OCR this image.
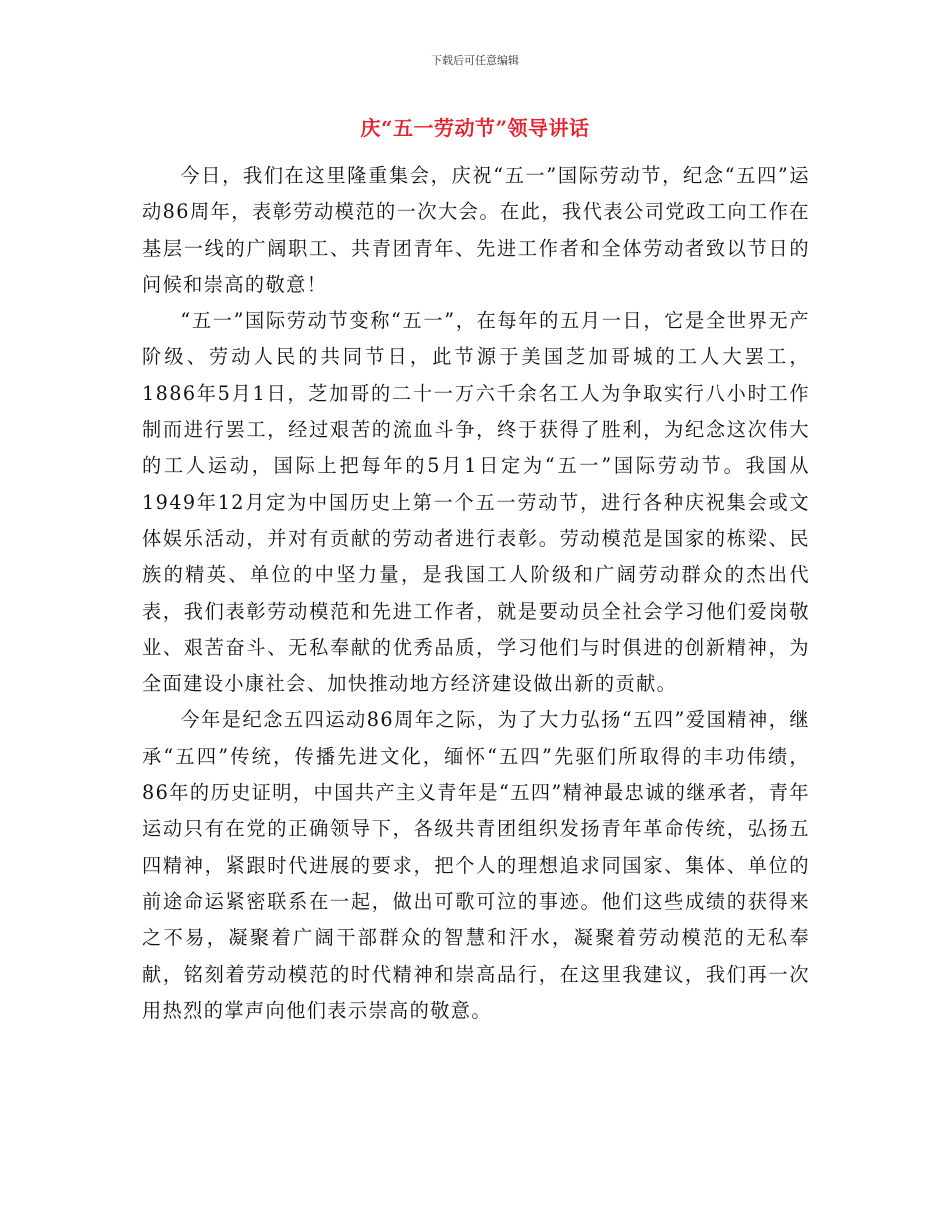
下载后可任意编辑
庆“五一劳动节”领导讲话

今日，我们在这里隆重集会，庆祝“五一”国际劳动节，纪念“五四”运动86周年，表彰劳动模范的一次大会。在此，我代表公司党政工向工作在基层一线的广阔职工、共青团青年、先进工作者和全体劳动者致以节日的问候和崇高的敬意！

“五一”国际劳动节变称“五一”，在每年的五月一日，它是全世界无产阶级、劳动人民的共同节日，此节源于美国芝加哥城的工人大罢工，1886年5月1日，芝加哥的二十一万六千余名工人为争取实行八小时工作制而进行罢工，经过艰苦的流血斗争，终于获得了胜利，为纪念这次伟大的工人运动，国际上把每年的5月1日定为“五一”国际劳动节。我国从1949年12月定为中国历史上第一个五一劳动节，进行各种庆祝集会或文体娱乐活动，并对有贡献的劳动者进行表彰。劳动模范是国家的栋梁、民族的精英、单位的中坚力量，是我国工人阶级和广阔劳动群众的杰出代表，我们表彰劳动模范和先进工作者，就是要动员全社会学习他们爱岗敬业、艰苦奋斗、无私奉献的优秀品质，学习他们与时俱进的创新精神，为全面建设小康社会、加快推动地方经济建设做出新的贡献。

今年是纪念五四运动86周年之际，为了大力弘扬“五四”爱国精神，继承“五四”传统，传播先进文化，缅怀“五四”先驱们所取得的丰功伟绩，86年的历史证明，中国共产主义青年是“五四”精神最忠诚的继承者，青年运动只有在党的正确领导下，各级共青团组织发扬青年革命传统，弘扬五四精神，紧跟时代进展的要求，把个人的理想追求同国家、集体、单位的前途命运紧密联系在一起，做出可歌可泣的事迹。他们这些成绩的获得来之不易，凝聚着广阔干部群众的智慧和汗水，凝聚着劳动模范的无私奉献，铭刻着劳动模范的时代精神和崇高品行，在这里我建议，我们再一次用热烈的掌声向他们表示崇高的敬意。
